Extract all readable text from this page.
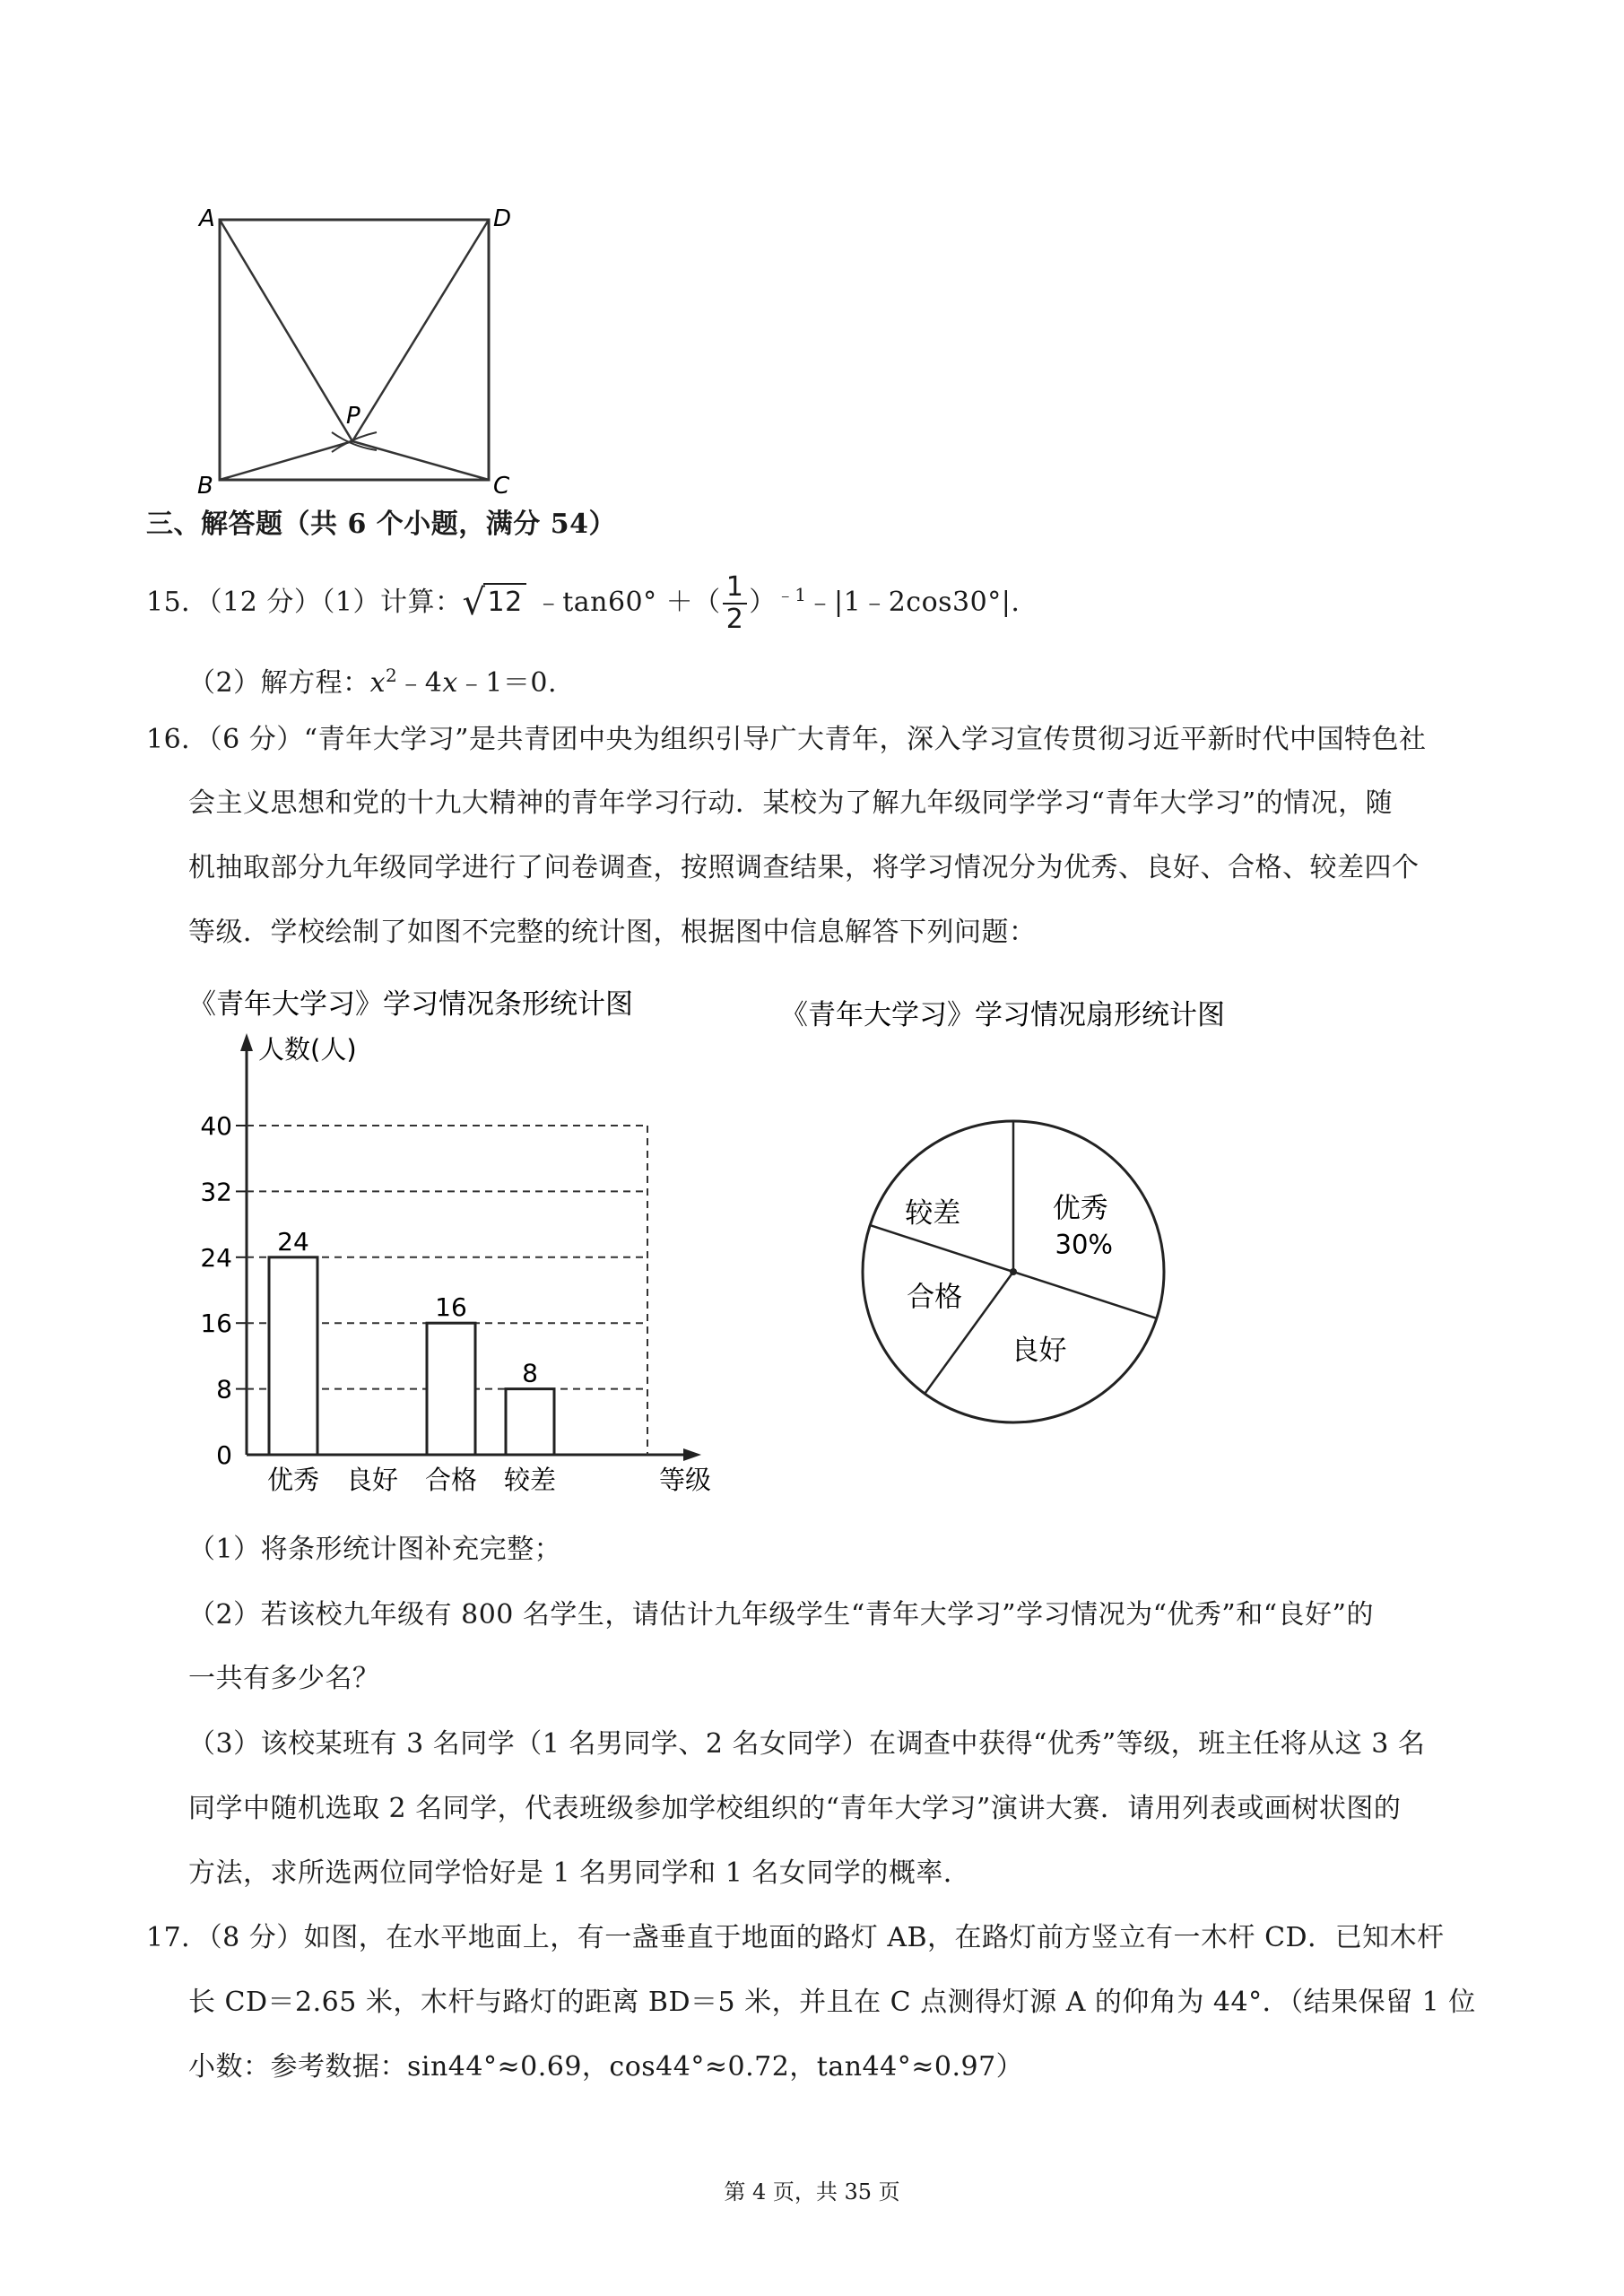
A	D
P
B	C
三、解答题（共 6 个小题，满分 54）
15．（12 分）（1）计算：√12 ﹣tan60° ＋（ $\frac{1}{2}$ ）$^{﹣1}$﹣|1﹣2cos30°|.
（2）解方程：$x^2﹣4x﹣1=0$.
16．（6 分）“青年大学习”是共青团中央为组织引导广大青年，深入学习宣传贯彻习近平新时代中国特色社
会主义思想和党的十九大精神的青年学习行动．某校为了解九年级同学学习“青年大学习”的情况，随
机抽取部分九年级同学进行了问卷调查，按照调查结果，将学习情况分为优秀、良好、合格、较差四个
等级．学校绘制了如图不完整的统计图，根据图中信息解答下列问题：
《青年大学习》学习情况条形统计图
人数(人)
等级
0
8
16
24
32
40
优秀
24
良好 合格
16
较差
8
《青年大学习》学习情况扇形统计图
优秀
30%
良好
合格
较差
（1）将条形统计图补充完整；
（2）若该校九年级有 800 名学生，请估计九年级学生“青年大学习”学习情况为“优秀”和“良好”的
一共有多少名？
（3）该校某班有 3 名同学（1 名男同学、2 名女同学）在调查中获得“优秀”等级，班主任将从这 3 名
同学中随机选取 2 名同学，代表班级参加学校组织的“青年大学习”演讲大赛．请用列表或画树状图的
方法，求所选两位同学恰好是 1 名男同学和 1 名女同学的概率．
17．（8 分）如图，在水平地面上，有一盏垂直于地面的路灯 AB，在路灯前方竖立有一木杆 CD．已知木杆
长 CD＝2.65 米，木杆与路灯的距离 BD＝5 米，并且在 C 点测得灯源 A 的仰角为 44°．（结果保留 1 位
小数：参考数据：sin44°≈0.69，cos44°≈0.72，tan44°≈0.97）
第 4 页，共 35 页
